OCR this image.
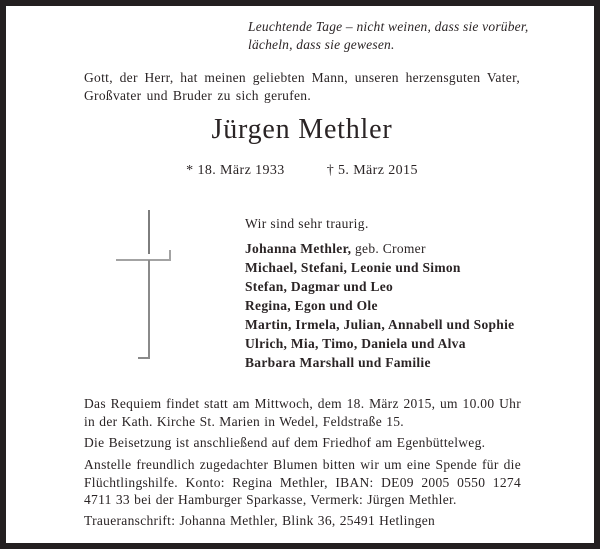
Leuchtende Tage – nicht weinen, dass sie vorüber,
lächeln, dass sie gewesen.
Gott, der Herr, hat meinen geliebten Mann, unseren herzensguten Vater, Großvater und Bruder zu sich gerufen.
Jürgen Methler
* 18. März 1933	† 5. März 2015
Wir sind sehr traurig.
Johanna Methler, geb. Cromer
Michael, Stefani, Leonie und Simon
Stefan, Dagmar und Leo
Regina, Egon und Ole
Martin, Irmela, Julian, Annabell und Sophie
Ulrich, Mia, Timo, Daniela und Alva
Barbara Marshall und Familie
Das Requiem findet statt am Mittwoch, dem 18. März 2015, um 10.00 Uhr in der Kath. Kirche St. Marien in Wedel, Feldstraße 15.
Die Beisetzung ist anschließend auf dem Friedhof am Egenbüttelweg.
Anstelle freundlich zugedachter Blumen bitten wir um eine Spende für die Flüchtlingshilfe. Konto: Regina Methler, IBAN: DE09 2005 0550 1274 4711 33 bei der Hamburger Sparkasse, Vermerk: Jürgen Methler.
Traueranschrift: Johanna Methler, Blink 36, 25491 Hetlingen
